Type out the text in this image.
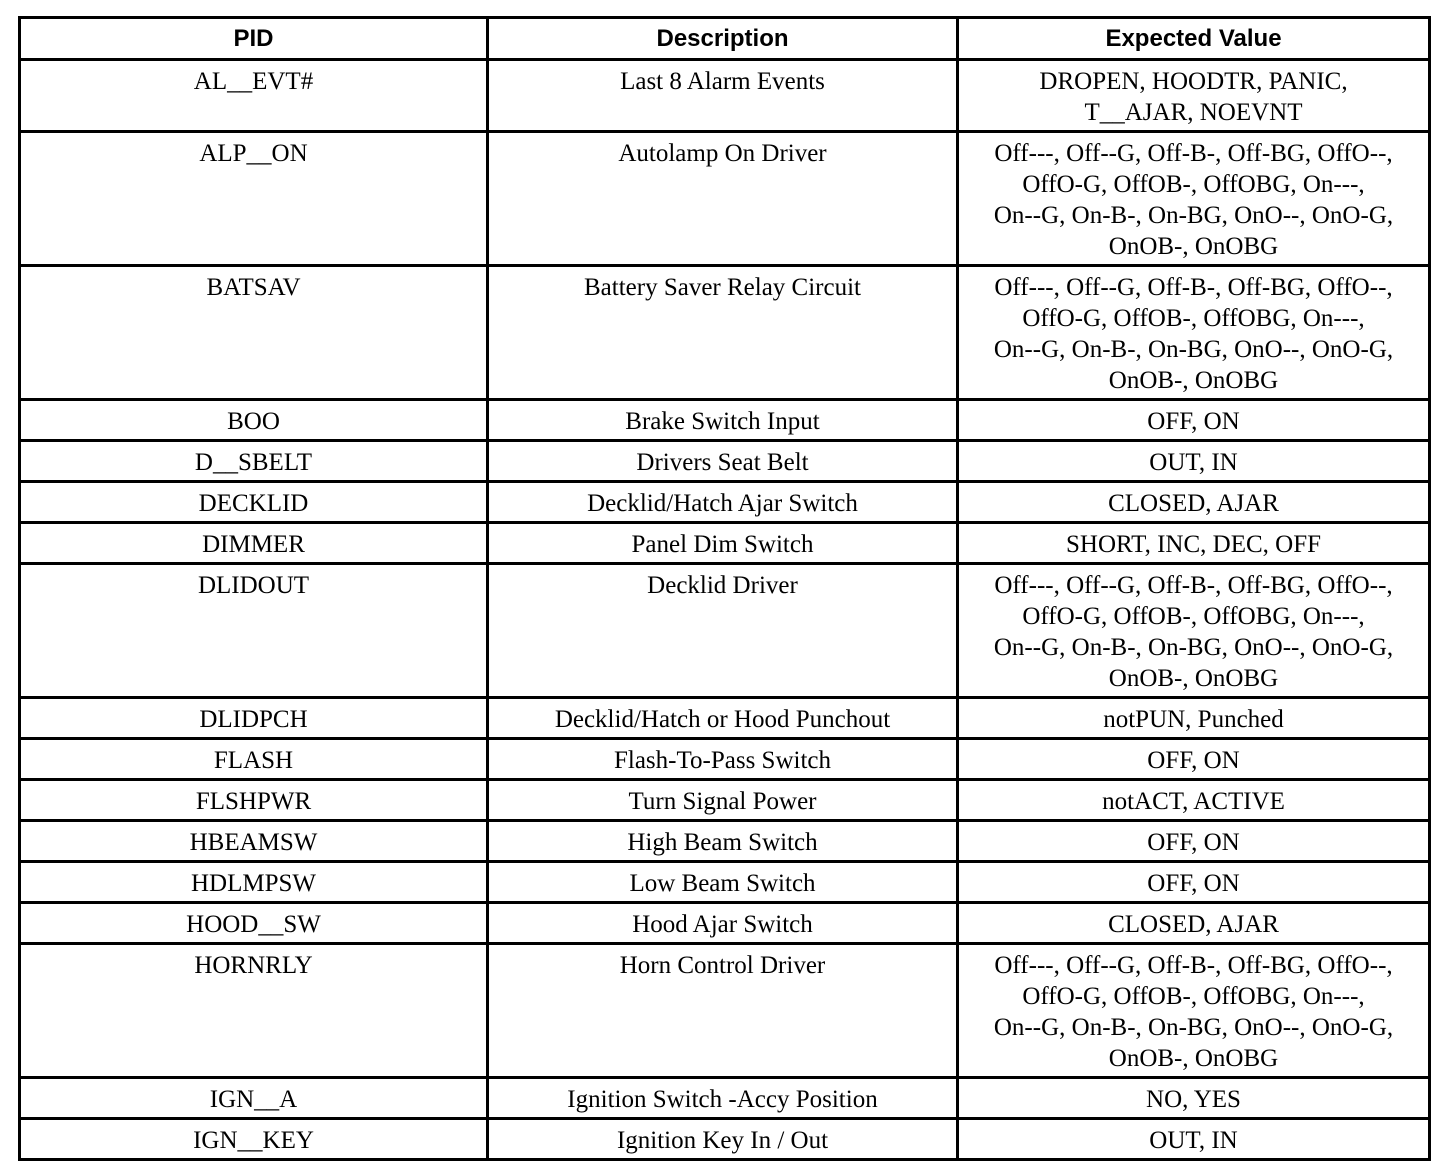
PID	Description	Expected Value
AL__EVT#	Last 8 Alarm Events	DROPEN, HOODTR, PANIC,
T__AJAR, NOEVNT
ALP__ON	Autolamp On Driver	Off---, Off--G, Off-B-, Off-BG, OffO--,
OffO-G, OffOB-, OffOBG, On---,
On--G, On-B-, On-BG, OnO--, OnO-G,
OnOB-, OnOBG
BATSAV	Battery Saver Relay Circuit	Off---, Off--G, Off-B-, Off-BG, OffO--,
OffO-G, OffOB-, OffOBG, On---,
On--G, On-B-, On-BG, OnO--, OnO-G,
OnOB-, OnOBG
BOO	Brake Switch Input	OFF, ON
D__SBELT	Drivers Seat Belt	OUT, IN
DECKLID	Decklid/Hatch Ajar Switch	CLOSED, AJAR
DIMMER	Panel Dim Switch	SHORT, INC, DEC, OFF
DLIDOUT	Decklid Driver	Off---, Off--G, Off-B-, Off-BG, OffO--,
OffO-G, OffOB-, OffOBG, On---,
On--G, On-B-, On-BG, OnO--, OnO-G,
OnOB-, OnOBG
DLIDPCH	Decklid/Hatch or Hood Punchout	notPUN, Punched
FLASH	Flash-To-Pass Switch	OFF, ON
FLSHPWR	Turn Signal Power	notACT, ACTIVE
HBEAMSW	High Beam Switch	OFF, ON
HDLMPSW	Low Beam Switch	OFF, ON
HOOD__SW	Hood Ajar Switch	CLOSED, AJAR
HORNRLY	Horn Control Driver	Off---, Off--G, Off-B-, Off-BG, OffO--,
OffO-G, OffOB-, OffOBG, On---,
On--G, On-B-, On-BG, OnO--, OnO-G,
OnOB-, OnOBG
IGN__A	Ignition Switch -Accy Position	NO, YES
IGN__KEY	Ignition Key In / Out	OUT, IN
